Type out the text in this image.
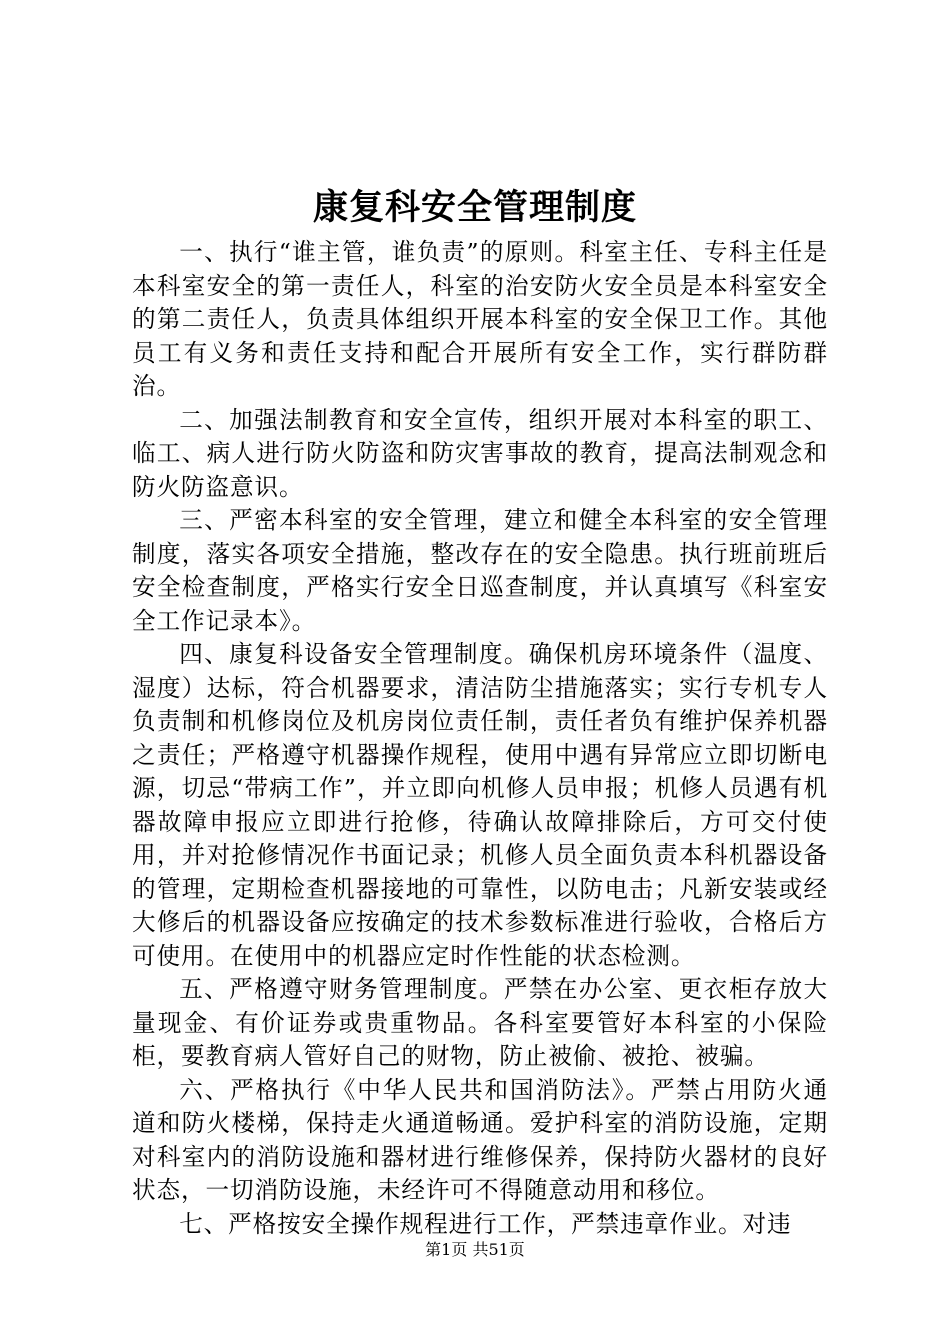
康复科安全管理制度

一、执行“谁主管，谁负责”的原则。科室主任、专科主任是本科室安全的第一责任人，科室的治安防火安全员是本科室安全的第二责任人，负责具体组织开展本科室的安全保卫工作。其他员工有义务和责任支持和配合开展所有安全工作，实行群防群治。

二、加强法制教育和安全宣传，组织开展对本科室的职工、临工、病人进行防火防盗和防灾害事故的教育，提高法制观念和防火防盗意识。

三、严密本科室的安全管理，建立和健全本科室的安全管理制度，落实各项安全措施，整改存在的安全隐患。执行班前班后安全检查制度，严格实行安全日巡查制度，并认真填写《科室安全工作记录本》。

四、康复科设备安全管理制度。确保机房环境条件（温度、湿度）达标，符合机器要求，清洁防尘措施落实；实行专机专人负责制和机修岗位及机房岗位责任制，责任者负有维护保养机器之责任；严格遵守机器操作规程，使用中遇有异常应立即切断电源，切忌“带病工作”，并立即向机修人员申报；机修人员遇有机器故障申报应立即进行抢修，待确认故障排除后，方可交付使用，并对抢修情况作书面记录；机修人员全面负责本科机器设备的管理，定期检查机器接地的可靠性，以防电击；凡新安装或经大修后的机器设备应按确定的技术参数标准进行验收，合格后方可使用。在使用中的机器应定时作性能的状态检测。

五、严格遵守财务管理制度。严禁在办公室、更衣柜存放大量现金、有价证券或贵重物品。各科室要管好本科室的小保险柜，要教育病人管好自己的财物，防止被偷、被抢、被骗。

六、严格执行《中华人民共和国消防法》。严禁占用防火通道和防火楼梯，保持走火通道畅通。爱护科室的消防设施，定期对科室内的消防设施和器材进行维修保养，保持防火器材的良好状态，一切消防设施，未经许可不得随意动用和移位。

七、严格按安全操作规程进行工作，严禁违章作业。对违

第1页 共51页
